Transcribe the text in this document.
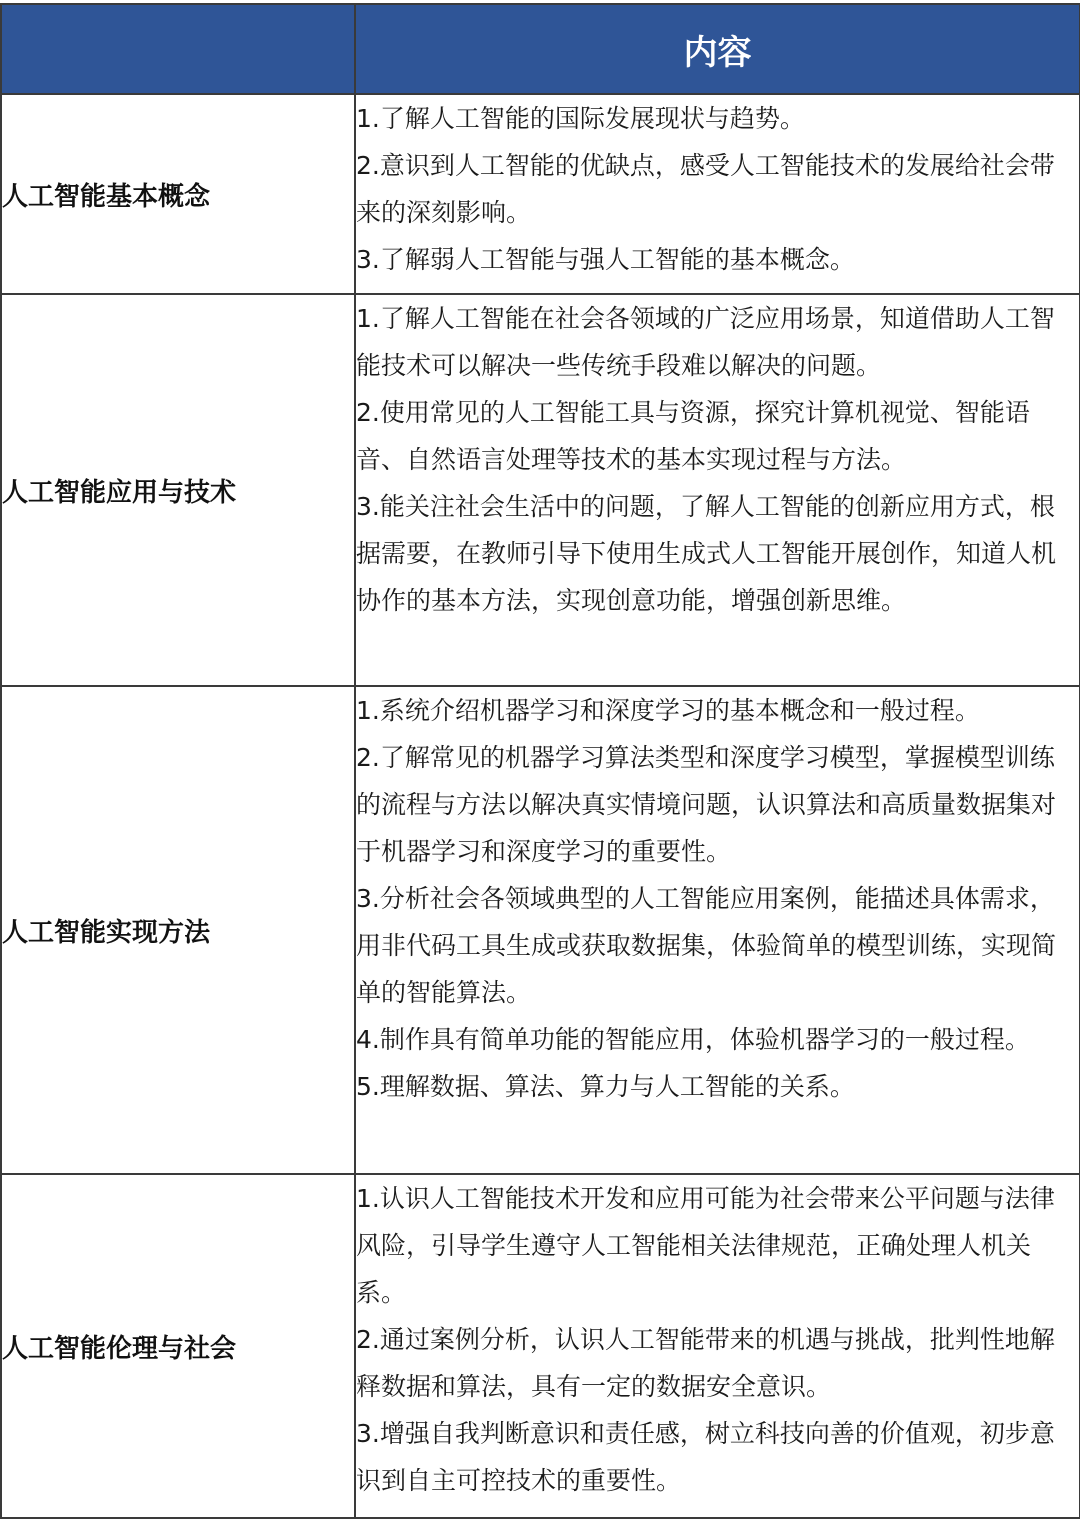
	内容
人工智能基本概念	1.了解人工智能的国际发展现状与趋势。

2.意识到人工智能的优缺点，感受人工智能技术的发展给社会带来的深刻影响。

3.了解弱人工智能与强人工智能的基本概念。

人工智能应用与技术	1.了解人工智能在社会各领域的广泛应用场景，知道借助人工智能技术可以解决一些传统手段难以解决的问题。

2.使用常见的人工智能工具与资源，探究计算机视觉、智能语音、自然语言处理等技术的基本实现过程与方法。

3.能关注社会生活中的问题，了解人工智能的创新应用方式，根据需要，在教师引导下使用生成式人工智能开展创作，知道人机协作的基本方法，实现创意功能，增强创新思维。

人工智能实现方法	1.系统介绍机器学习和深度学习的基本概念和一般过程。

2.了解常见的机器学习算法类型和深度学习模型，掌握模型训练的流程与方法以解决真实情境问题，认识算法和高质量数据集对于机器学习和深度学习的重要性。

3.分析社会各领域典型的人工智能应用案例，能描述具体需求，用非代码工具生成或获取数据集，体验简单的模型训练，实现简单的智能算法。

4.制作具有简单功能的智能应用，体验机器学习的一般过程。

5.理解数据、算法、算力与人工智能的关系。

人工智能伦理与社会	1.认识人工智能技术开发和应用可能为社会带来公平问题与法律风险，引导学生遵守人工智能相关法律规范，正确处理人机关系。

2.通过案例分析，认识人工智能带来的机遇与挑战，批判性地解释数据和算法，具有一定的数据安全意识。

3.增强自我判断意识和责任感，树立科技向善的价值观，初步意识到自主可控技术的重要性。
